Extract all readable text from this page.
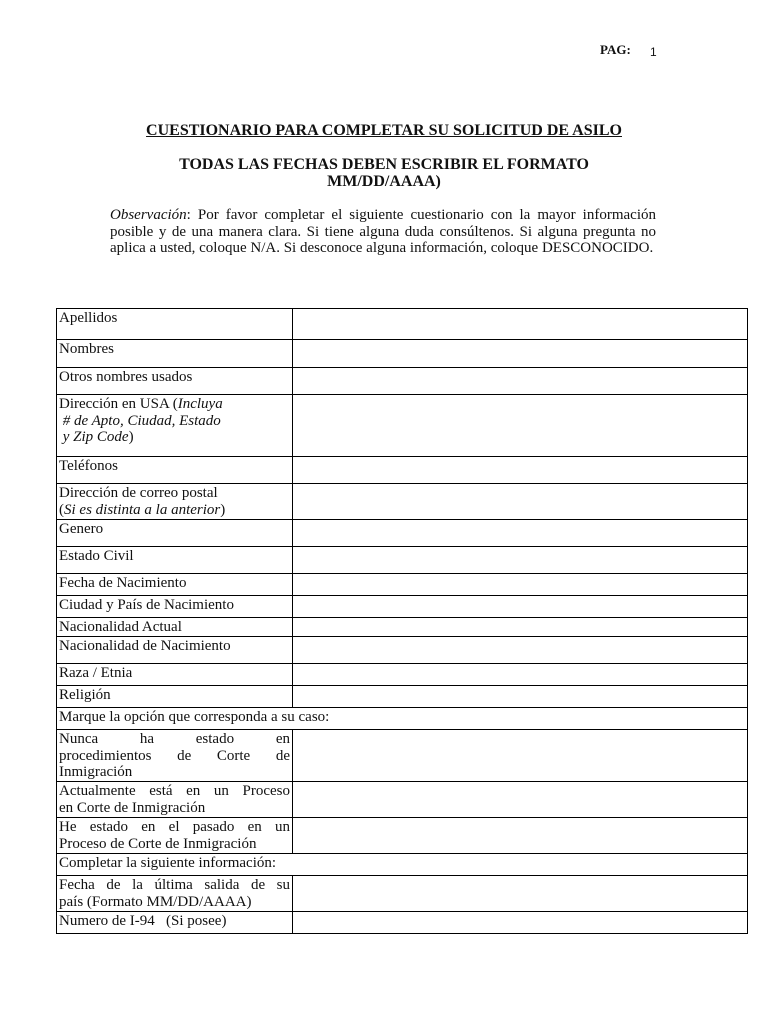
PAG: 1
CUESTIONARIO PARA COMPLETAR SU SOLICITUD DE ASILO
TODAS LAS FECHAS DEBEN ESCRIBIR EL FORMATO
MM/DD/AAAA)
Observación: Por favor completar el siguiente cuestionario con la mayor información posible y de una manera clara. Si tiene alguna duda consúltenos. Si alguna pregunta no aplica a usted, coloque N/A. Si desconoce alguna información, coloque DESCONOCIDO.
Apellidos	
Nombres	
Otros nombres usados	
Dirección en USA (Incluya
# de Apto, Ciudad, Estado
y Zip Code)	
Teléfonos	
Dirección de correo postal
(Si es distinta a la anterior)	
Genero	
Estado Civil	
Fecha de Nacimiento	
Ciudad y País de Nacimiento	
Nacionalidad Actual	
Nacionalidad de Nacimiento	
Raza / Etnia	
Religión	
Marque la opción que corresponda a su caso:	

Nunca ha estado en
procedimientos de Corte de
Inmigración	

Actualmente está en un Proceso
en Corte de Inmigración	

He estado en el pasado en un
Proceso de Corte de Inmigración	
Completar la siguiente información:	

Fecha de la última salida de su
país (Formato MM/DD/AAAA)	
Numero de I-94   (Si posee)	
